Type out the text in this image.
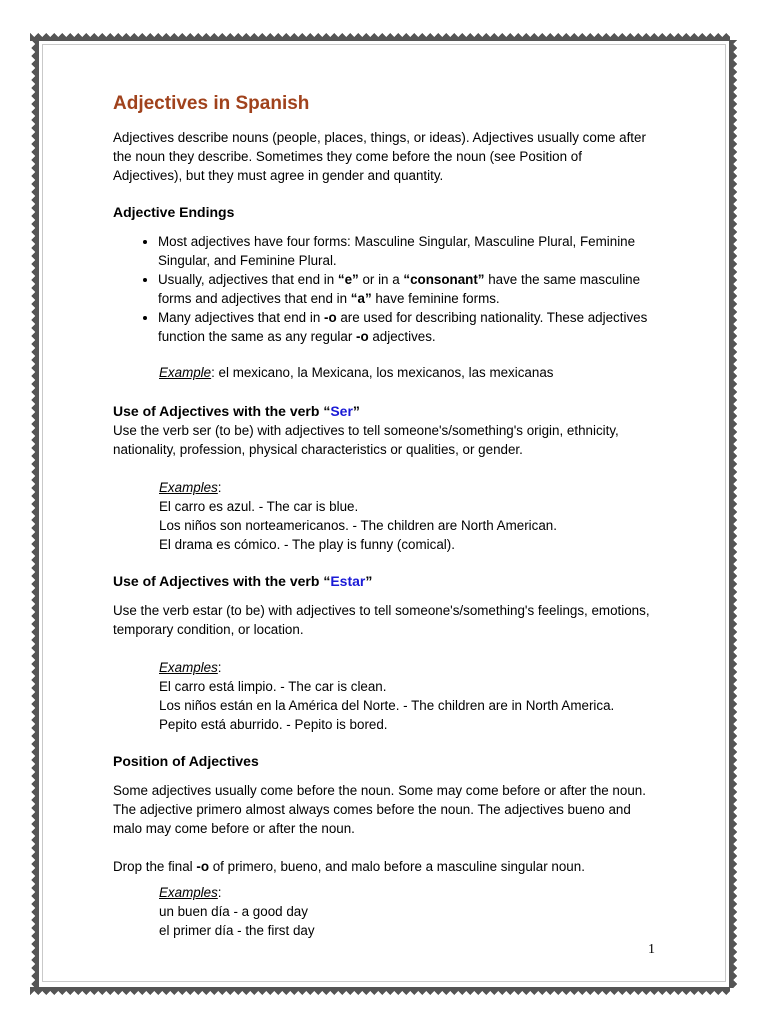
Adjectives in Spanish

Adjectives describe nouns (people, places, things, or ideas). Adjectives usually come after the noun they describe. Sometimes they come before the noun (see Position of Adjectives), but they must agree in gender and quantity.

Adjective Endings
• Most adjectives have four forms: Masculine Singular, Masculine Plural, Feminine Singular, and Feminine Plural.
• Usually, adjectives that end in “e” or in a “consonant” have the same masculine forms and adjectives that end in “a” have feminine forms.
• Many adjectives that end in -o are used for describing nationality. These adjectives function the same as any regular -o adjectives.

Example: el mexicano, la Mexicana, los mexicanos, las mexicanas

Use of Adjectives with the verb “Ser”

Use the verb ser (to be) with adjectives to tell someone's/something's origin, ethnicity, nationality, profession, physical characteristics or qualities, or gender.

Examples:
El carro es azul. - The car is blue.
Los niños son norteamericanos. - The children are North American.
El drama es cómico. - The play is funny (comical).
Use of Adjectives with the verb “Estar”

Use the verb estar (to be) with adjectives to tell someone's/something's feelings, emotions, temporary condition, or location.

Examples:
El carro está limpio. - The car is clean.
Los niños están en la América del Norte. - The children are in North America.
Pepito está aburrido. - Pepito is bored.
Position of Adjectives

Some adjectives usually come before the noun. Some may come before or after the noun. The adjective primero almost always comes before the noun. The adjectives bueno and malo may come before or after the noun.

Drop the final -o of primero, bueno, and malo before a masculine singular noun.

Examples:
un buen día - a good day
el primer día - the first day
1
